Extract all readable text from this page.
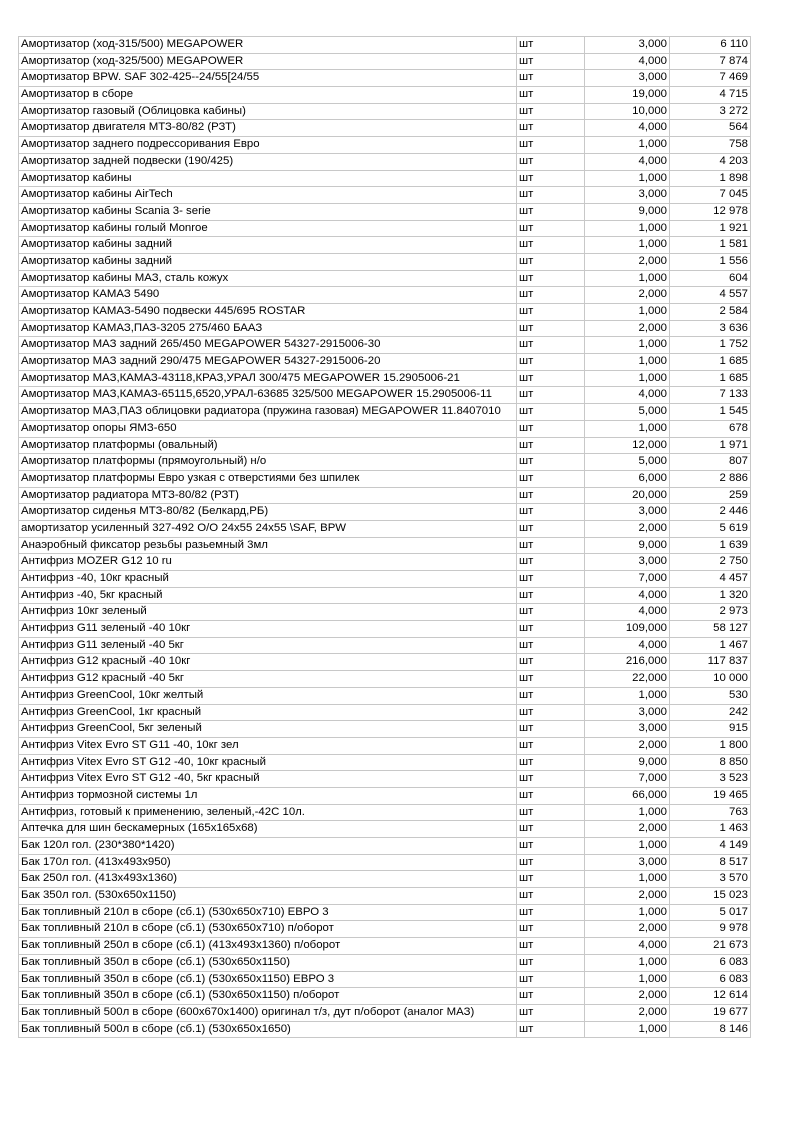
Амортизатор (ход-315/500) MEGAPOWER	шт	3,000	6 110
Амортизатор (ход-325/500) MEGAPOWER	шт	4,000	7 874
Амортизатор BPW. SAF 302-425--24/55[24/55	шт	3,000	7 469
Амортизатор в сборе	шт	19,000	4 715
Амортизатор газовый (Облицовка кабины)	шт	10,000	3 272
Амортизатор двигателя МТЗ-80/82 (РЗТ)	шт	4,000	564
Амортизатор заднего подрессоривания Евро	шт	1,000	758
Амортизатор задней подвески (190/425)	шт	4,000	4 203
Амортизатор кабины	шт	1,000	1 898
Амортизатор кабины AirTech	шт	3,000	7 045
Амортизатор кабины Scania 3- serie	шт	9,000	12 978
Амортизатор кабины голый Monroe	шт	1,000	1 921
Амортизатор кабины задний	шт	1,000	1 581
Амортизатор кабины задний	шт	2,000	1 556
Амортизатор кабины МАЗ, сталь кожух	шт	1,000	604
Амортизатор КАМАЗ 5490	шт	2,000	4 557
Амортизатор КАМАЗ-5490 подвески 445/695 ROSTAR	шт	1,000	2 584
Амортизатор КАМАЗ,ПАЗ-3205 275/460 БААЗ	шт	2,000	3 636
Амортизатор МАЗ задний 265/450 MEGAPOWER 54327-2915006-30	шт	1,000	1 752
Амортизатор МАЗ задний 290/475 MEGAPOWER 54327-2915006-20	шт	1,000	1 685
Амортизатор МАЗ,КАМАЗ-43118,КРАЗ,УРАЛ 300/475 MEGAPOWER 15.2905006-21	шт	1,000	1 685
Амортизатор МАЗ,КАМАЗ-65115,6520,УРАЛ-63685 325/500 MEGAPOWER 15.2905006-11	шт	4,000	7 133
Амортизатор МАЗ,ПАЗ облицовки радиатора (пружина газовая) MEGAPOWER 11.8407010	шт	5,000	1 545
Амортизатор опоры ЯМЗ-650	шт	1,000	678
Амортизатор платформы (овальный)	шт	12,000	1 971
Амортизатор платформы (прямоугольный) н/о	шт	5,000	807
Амортизатор платформы Евро узкая с отверстиями без шпилек	шт	6,000	2 886
Амортизатор радиатора МТЗ-80/82 (РЗТ)	шт	20,000	259
Амортизатор сиденья МТЗ-80/82 (Белкард,РБ)	шт	3,000	2 446
амортизатор усиленный 327-492 О/О 24х55 24х55 \SAF, BPW	шт	2,000	5 619
Анаэробный фиксатор резьбы разьемный 3мл	шт	9,000	1 639
Антифриз MOZER G12 10 ru	шт	3,000	2 750
Антифриз -40, 10кг красный	шт	7,000	4 457
Антифриз -40, 5кг красный	шт	4,000	1 320
Антифриз 10кг зеленый	шт	4,000	2 973
Антифриз G11 зеленый -40 10кг	шт	109,000	58 127
Антифриз G11 зеленый -40 5кг	шт	4,000	1 467
Антифриз G12 красный -40 10кг	шт	216,000	117 837
Антифриз G12 красный -40 5кг	шт	22,000	10 000
Антифриз GreenCool, 10кг желтый	шт	1,000	530
Антифриз GreenCool, 1кг красный	шт	3,000	242
Антифриз GreenCool, 5кг зеленый	шт	3,000	915
Антифриз Vitex Evro ST G11 -40, 10кг зел	шт	2,000	1 800
Антифриз Vitex Evro ST G12 -40, 10кг красный	шт	9,000	8 850
Антифриз Vitex Evro ST G12 -40, 5кг красный	шт	7,000	3 523
Антифриз тормозной системы 1л	шт	66,000	19 465
Антифриз, готовый к применению, зеленый,-42С 10л.	шт	1,000	763
Аптечка для шин бескамерных (165х165х68)	шт	2,000	1 463
Бак 120л гол. (230*380*1420)	шт	1,000	4 149
Бак 170л гол. (413х493х950)	шт	3,000	8 517
Бак 250л гол. (413х493х1360)	шт	1,000	3 570
Бак 350л гол. (530х650х1150)	шт	2,000	15 023
Бак топливный 210л в сборе (сб.1) (530х650х710) ЕВРО 3	шт	1,000	5 017
Бак топливный 210л в сборе (сб.1) (530х650х710) п/оборот	шт	2,000	9 978
Бак топливный 250л в сборе (сб.1) (413х493х1360) п/оборот	шт	4,000	21 673
Бак топливный 350л в сборе (сб.1) (530х650х1150)	шт	1,000	6 083
Бак топливный 350л в сборе (сб.1) (530х650х1150) ЕВРО 3	шт	1,000	6 083
Бак топливный 350л в сборе (сб.1) (530х650х1150) п/оборот	шт	2,000	12 614
Бак топливный 500л в сборе (600х670х1400) оригинал т/з, дут п/оборот (аналог МАЗ)	шт	2,000	19 677
Бак топливный 500л в сборе (сб.1) (530х650х1650)	шт	1,000	8 146
